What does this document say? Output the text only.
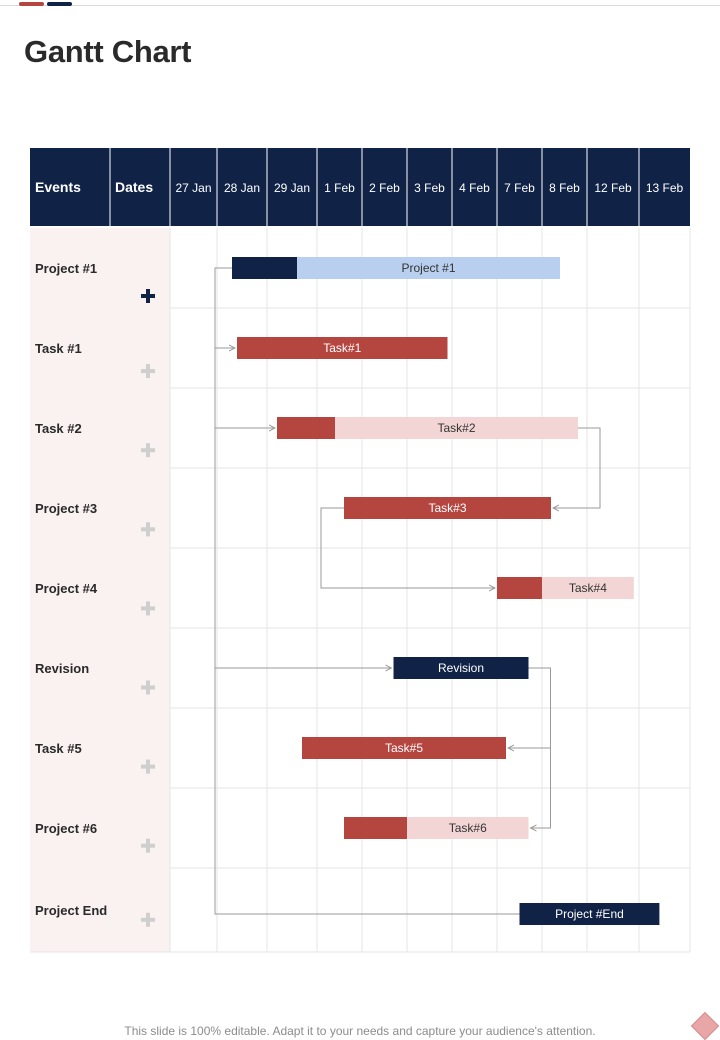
Gantt Chart
Events Dates 27 Jan 28 Jan 29 Jan 1 Feb 2 Feb 3 Feb 4 Feb 7 Feb 8 Feb 12 Feb 13 Feb
Project #1
Task #1
Task #2
Project #3
Project #4
Revision
Task #5
Project #6
Project End
Project #1
Task#1
Task#2
Task#3
Task#4
Revision
Task#5
Task#6
Project #End
This slide is 100% editable. Adapt it to your needs and capture your audience's attention.
